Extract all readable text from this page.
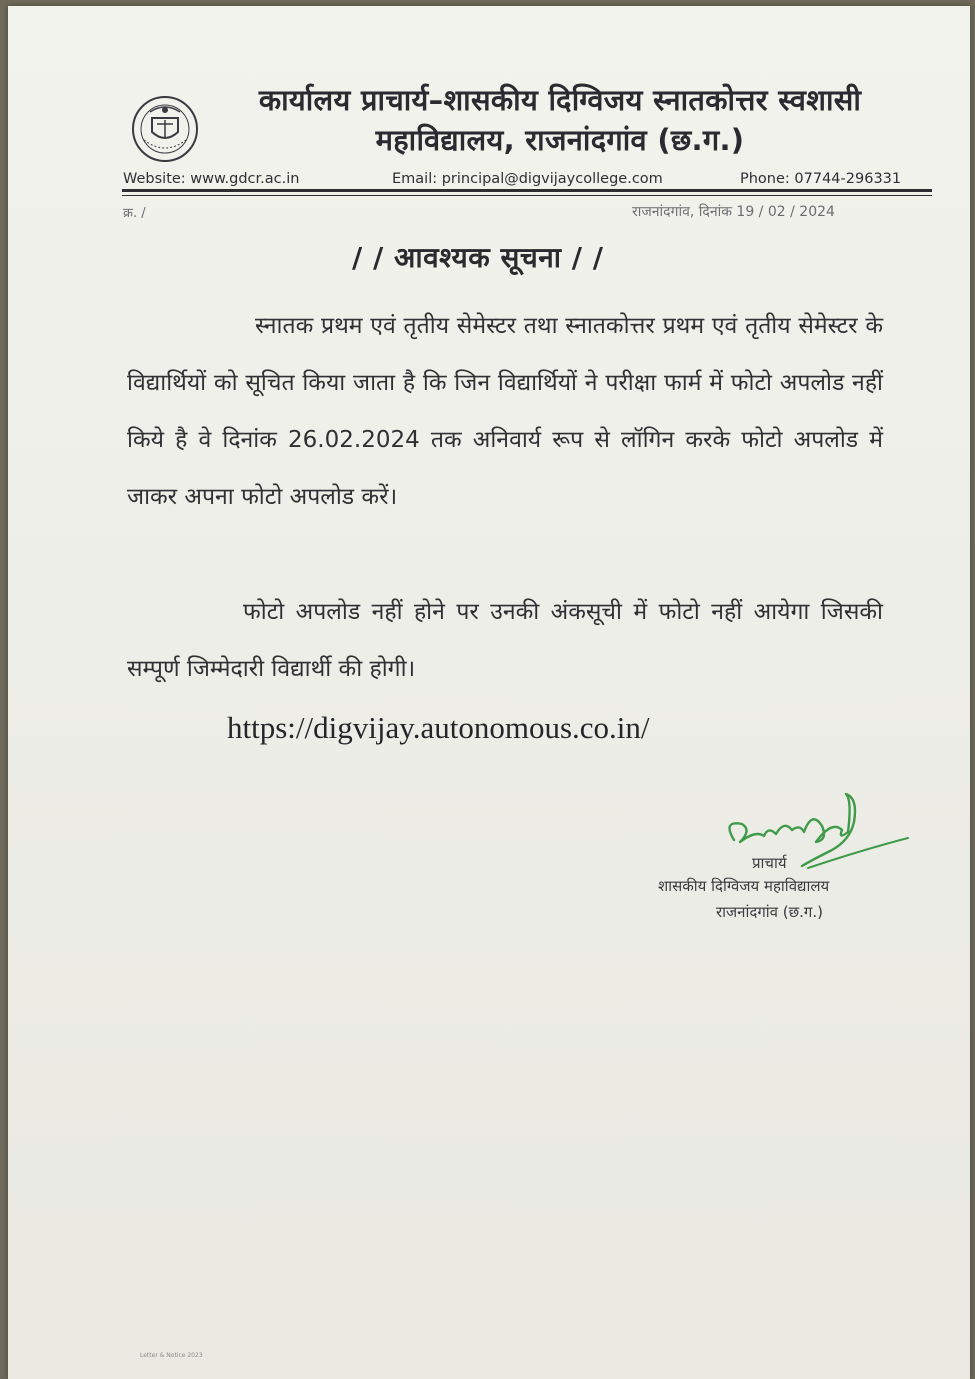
कार्यालय प्राचार्य–शासकीय दिग्विजय स्नातकोत्तर स्वशासी महाविद्यालय, राजनांदगांव (छ.ग.)
Website: www.gdcr.ac.in	Email: principal@digvijaycollege.com	Phone: 07744-296331
क्र. /	राजनांदगांव, दिनांक 19 / 02 / 2024
/ / आवश्यक सूचना / /

स्नातक प्रथम एवं तृतीय सेमेस्टर तथा स्नातकोत्तर प्रथम एवं तृतीय सेमेस्टर के विद्यार्थियों को सूचित किया जाता है कि जिन विद्यार्थियों ने परीक्षा फार्म में फोटो अपलोड नहीं किये है वे दिनांक 26.02.2024 तक अनिवार्य रूप से लॉगिन करके फोटो अपलोड में जाकर अपना फोटो अपलोड करें।

फोटो अपलोड नहीं होने पर उनकी अंकसूची में फोटो नहीं आयेगा जिसकी सम्पूर्ण जिम्मेदारी विद्यार्थी की होगी।

https://digvijay.autonomous.co.in/
प्राचार्य
शासकीय दिग्विजय महाविद्यालय
राजनांदगांव (छ.ग.)
Letter & Notice 2023
